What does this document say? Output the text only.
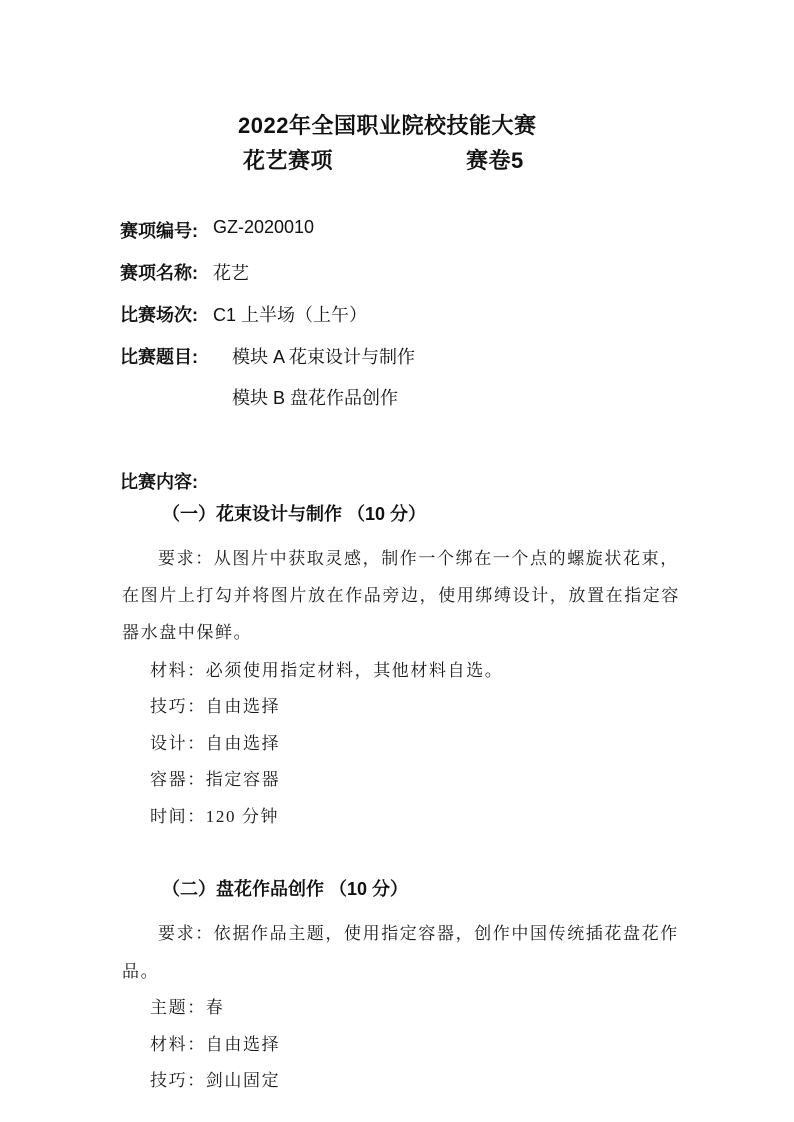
2022年全国职业院校技能大赛
花艺赛项	赛卷5
赛项编号: GZ-2020010
赛项名称: 花艺
比赛场次: C1 上半场（上午）
比赛题目: 模块 A 花束设计与制作
模块 B 盘花作品创作
比赛内容:
（一）花束设计与制作 （10 分）
要求：从图片中获取灵感，制作一个绑在一个点的螺旋状花束，
在图片上打勾并将图片放在作品旁边，使用绑缚设计，放置在指定容
器水盘中保鲜。
材料：必须使用指定材料，其他材料自选。
技巧：自由选择
设计：自由选择
容器：指定容器
时间：120 分钟
（二）盘花作品创作 （10 分）
要求：依据作品主题，使用指定容器，创作中国传统插花盘花作
品。
主题：春
材料：自由选择
技巧：剑山固定
